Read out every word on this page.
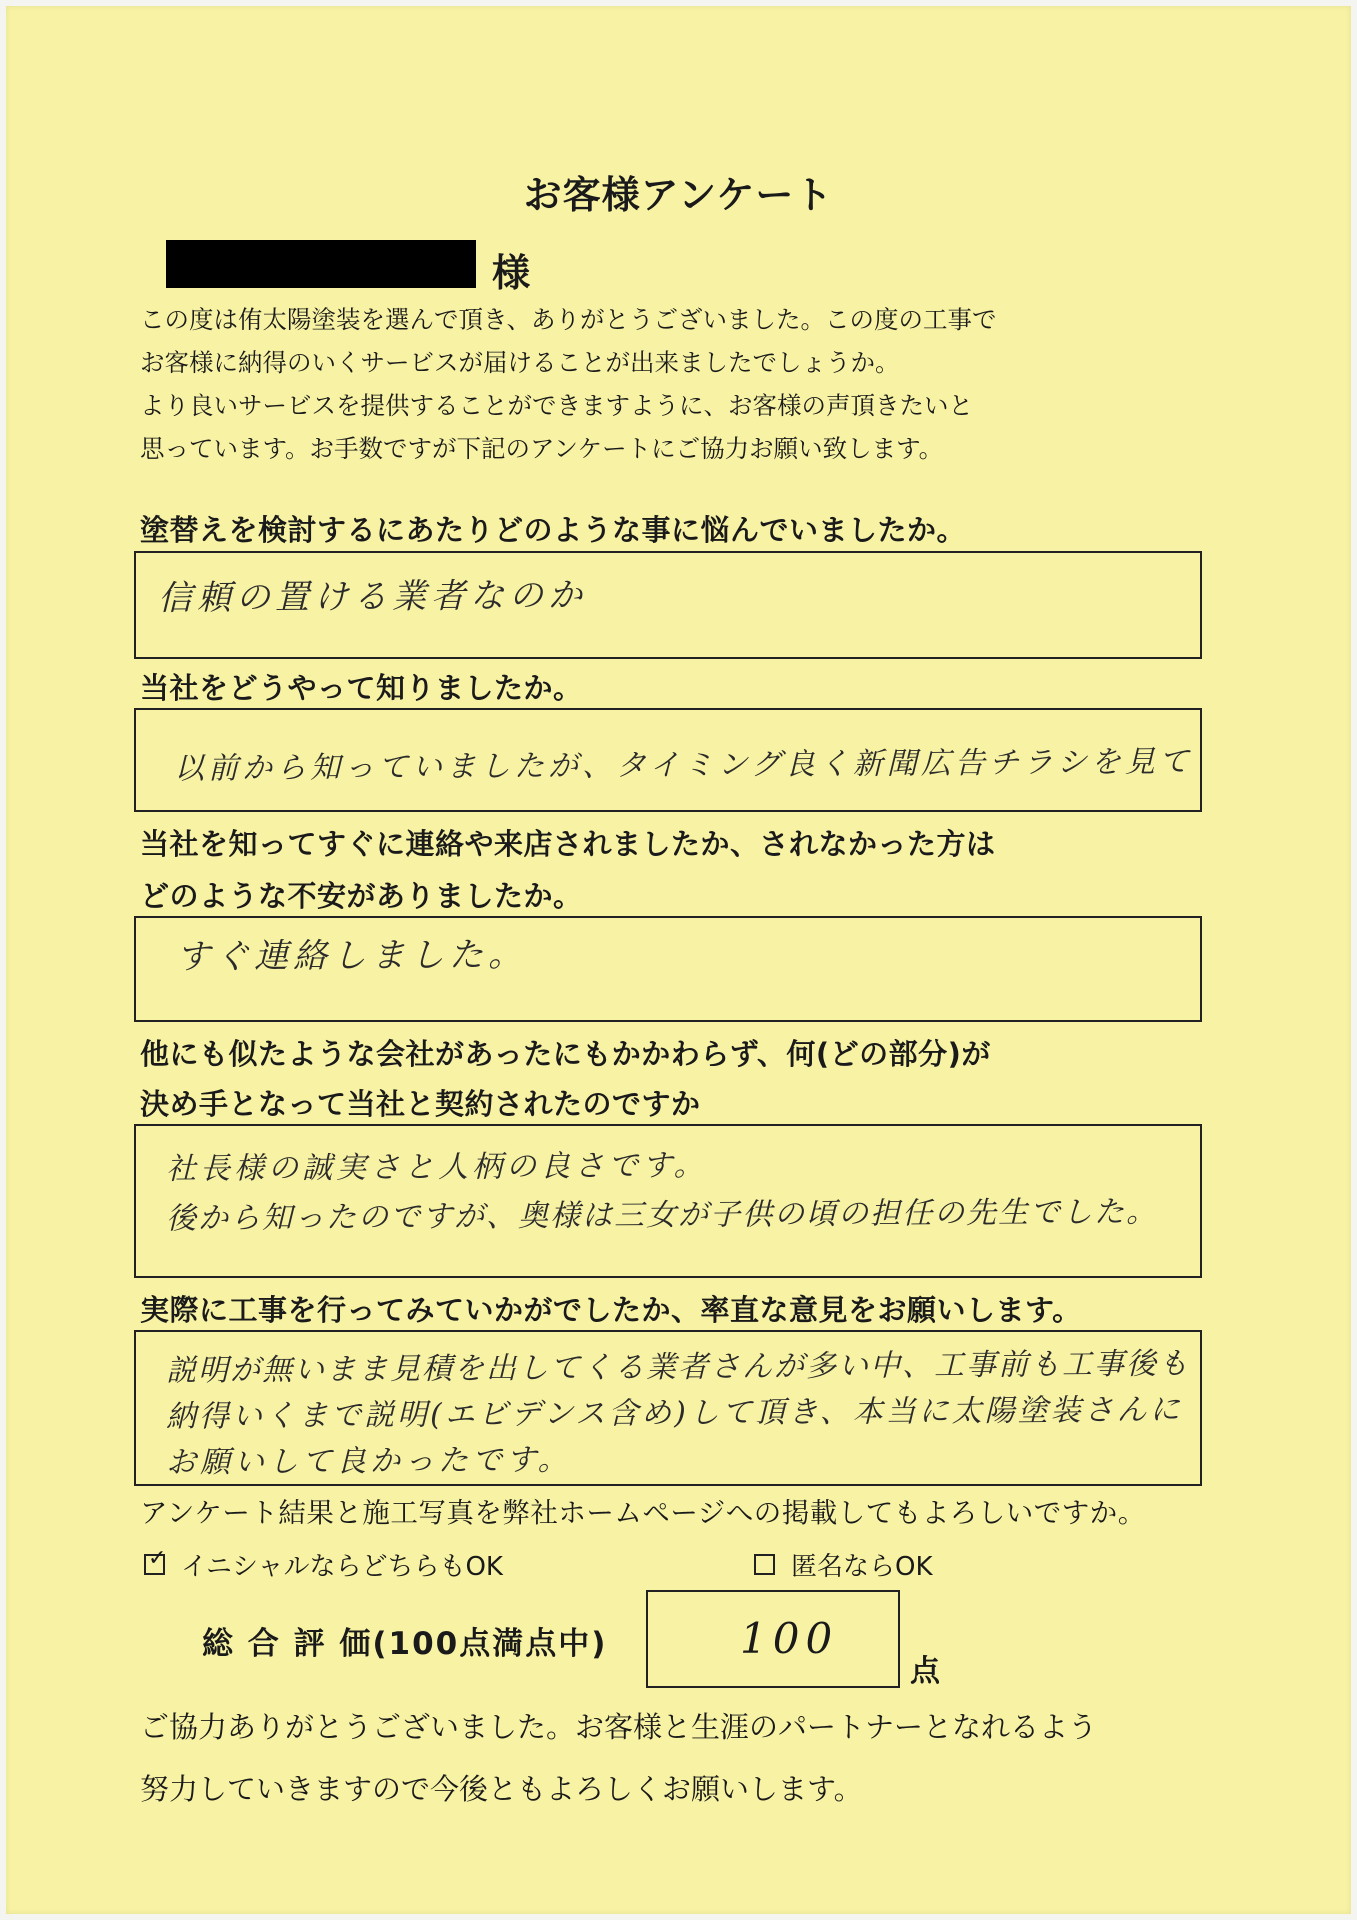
お客様アンケート
様
この度は侑太陽塗装を選んで頂き、ありがとうございました。この度の工事で
お客様に納得のいくサービスが届けることが出来ましたでしょうか。
より良いサービスを提供することができますように、お客様の声頂きたいと
思っています。お手数ですが下記のアンケートにご協力お願い致します。
塗替えを検討するにあたりどのような事に悩んでいましたか。
信頼の置ける業者なのか
当社をどうやって知りましたか。
以前から知っていましたが、タイミング良く新聞広告チラシを見て
当社を知ってすぐに連絡や来店されましたか、されなかった方は
どのような不安がありましたか。
すぐ連絡しました。
他にも似たような会社があったにもかかわらず、何(どの部分)が
決め手となって当社と契約されたのですか
社長様の誠実さと人柄の良さです。
後から知ったのですが、奥様は三女が子供の頃の担任の先生でした。
実際に工事を行ってみていかがでしたか、率直な意見をお願いします。
説明が無いまま見積を出してくる業者さんが多い中、工事前も工事後も
納得いくまで説明(エビデンス含め)して頂き、本当に太陽塗装さんに
お願いして良かったです。
アンケート結果と施工写真を弊社ホームページへの掲載してもよろしいですか。
✓ イニシャルならどちらもOK	匿名ならOK
総 合 評 価(100点満点中)	100
点
ご協力ありがとうございました。お客様と生涯のパートナーとなれるよう
努力していきますので今後ともよろしくお願いします。
